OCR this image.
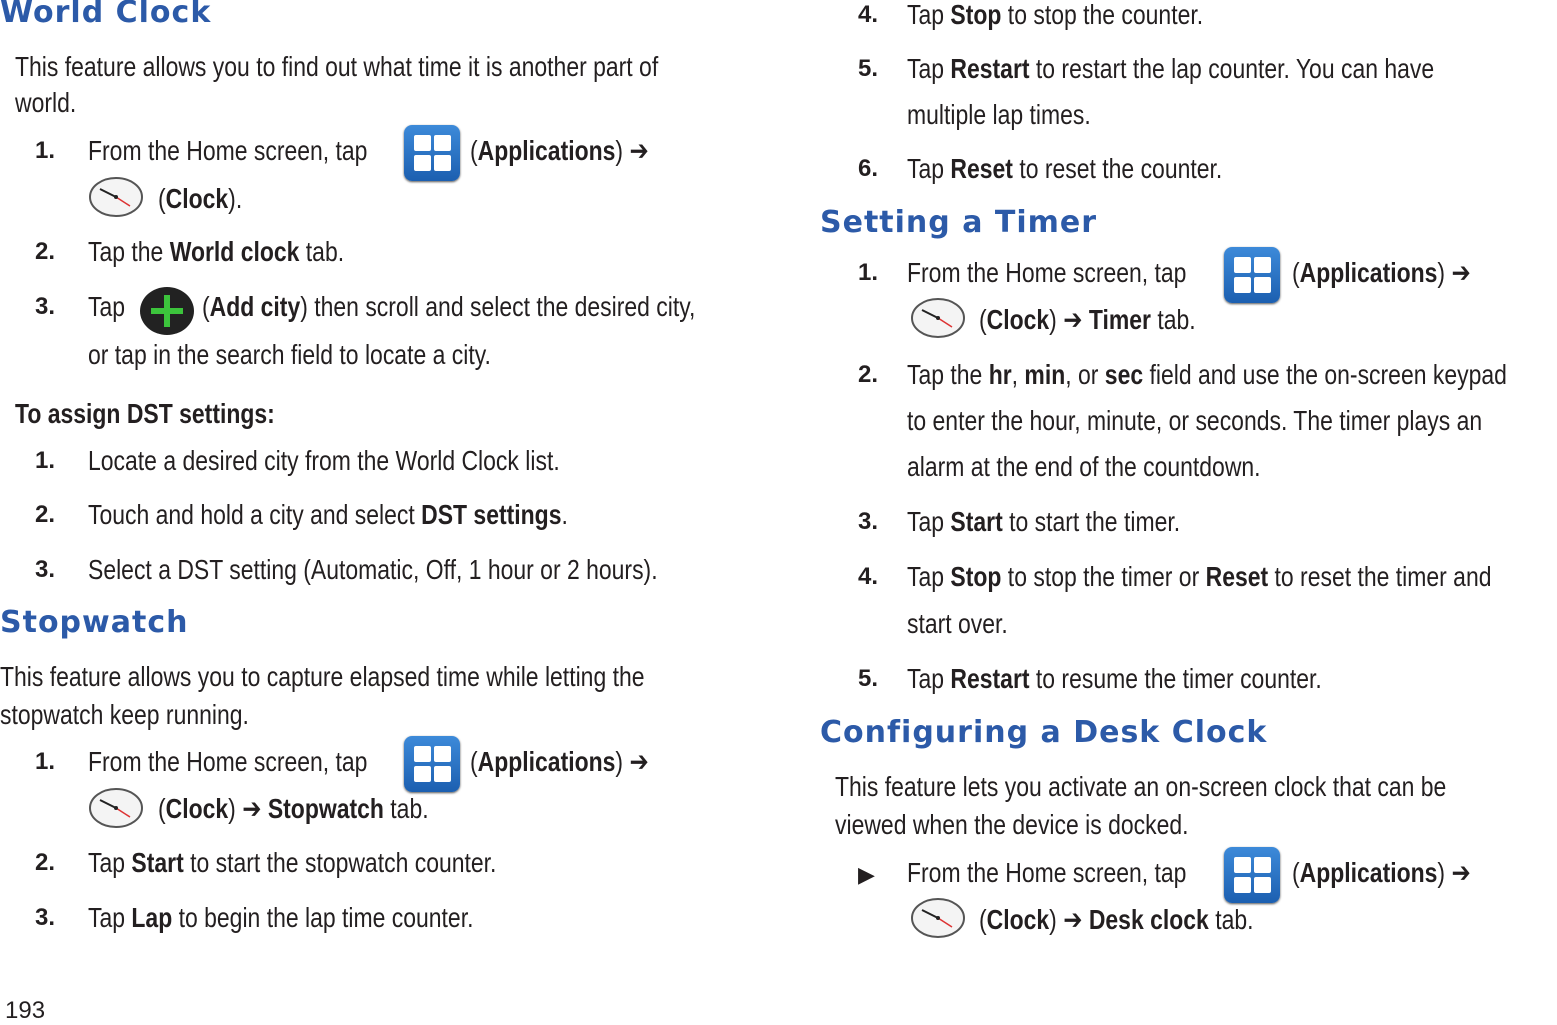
World Clock
This feature allows you to find out what time it is another part of
world.
1. From the Home screen, tap	(Applications) ➔
(Clock).
2. Tap the World clock tab.
3. Tap	(Add city) then scroll and select the desired city,
or tap in the search field to locate a city.
To assign DST settings:
1. Locate a desired city from the World Clock list.
2. Touch and hold a city and select DST settings.
3. Select a DST setting (Automatic, Off, 1 hour or 2 hours).
Stopwatch
This feature allows you to capture elapsed time while letting the
stopwatch keep running.
1. From the Home screen, tap	(Applications) ➔
(Clock) ➔ Stopwatch tab.
2. Tap Start to start the stopwatch counter.
3. Tap Lap to begin the lap time counter.
193
4. Tap Stop to stop the counter.
5. Tap Restart to restart the lap counter. You can have
multiple lap times.
6. Tap Reset to reset the counter.
Setting a Timer
1. From the Home screen, tap	(Applications) ➔
(Clock) ➔ Timer tab.
2. Tap the hr, min, or sec field and use the on-screen keypad
to enter the hour, minute, or seconds. The timer plays an
alarm at the end of the countdown.
3. Tap Start to start the timer.
4. Tap Stop to stop the timer or Reset to reset the timer and
start over.
5. Tap Restart to resume the timer counter.
Configuring a Desk Clock
This feature lets you activate an on-screen clock that can be
viewed when the device is docked.
▶ From the Home screen, tap	(Applications) ➔
(Clock) ➔ Desk clock tab.
